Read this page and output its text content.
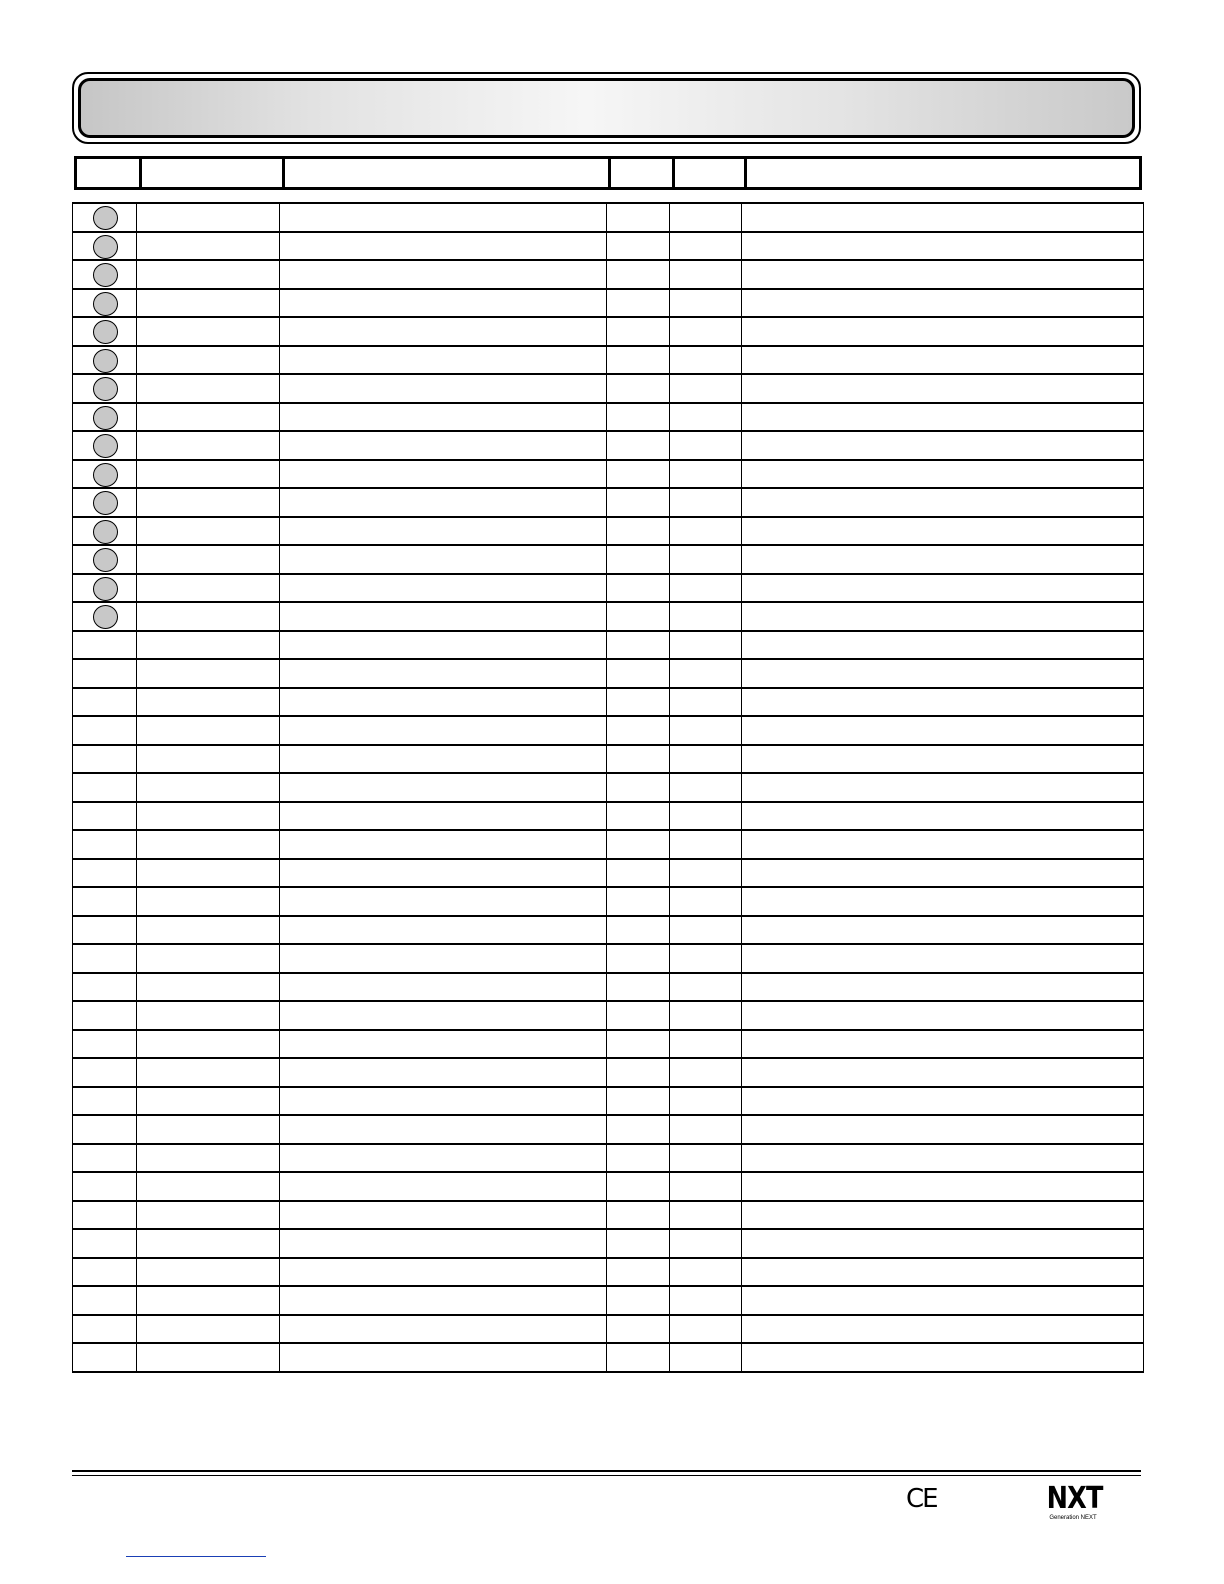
CE	NXT
Generation NEXT
